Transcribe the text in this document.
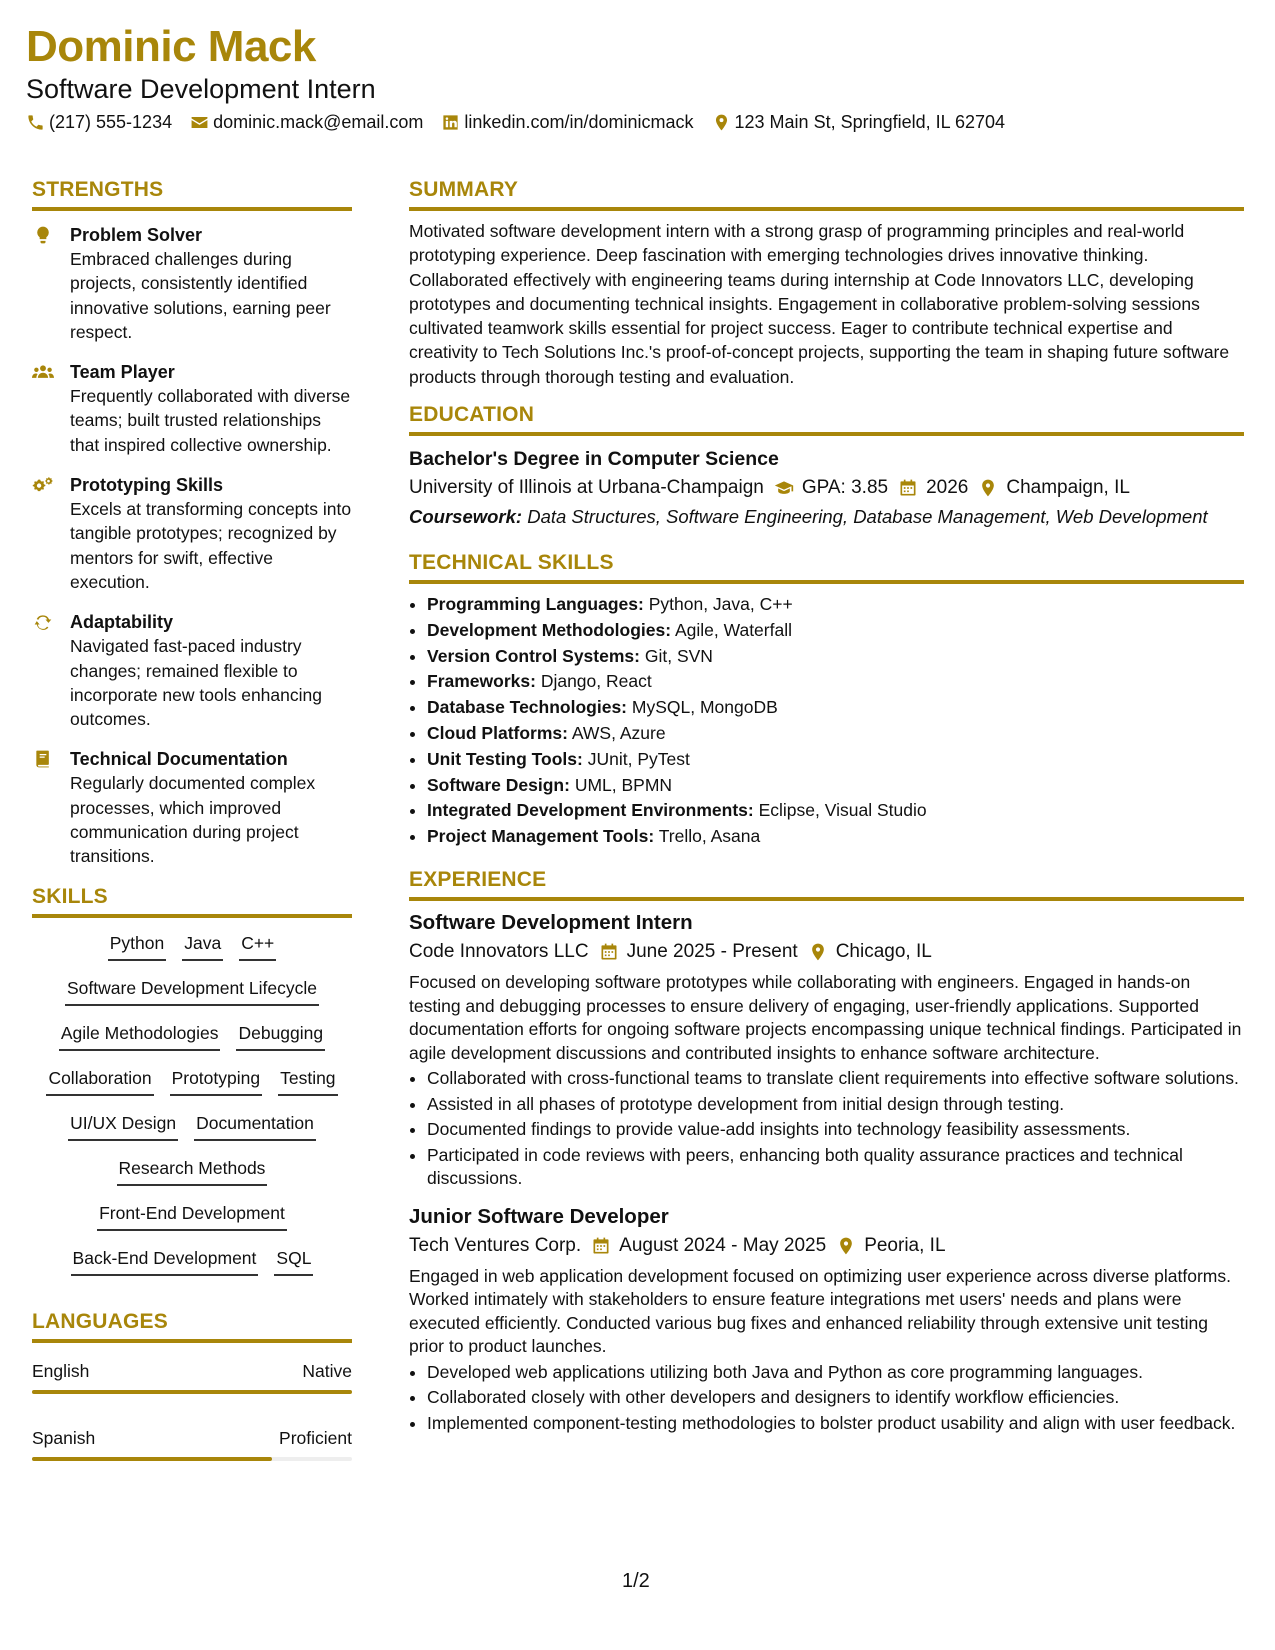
Dominic Mack
Software Development Intern
(217) 555-1234 dominic.mack@email.com linkedin.com/in/dominicmack 123 Main St, Springfield, IL 62704
STRENGTHS
Problem Solver
Embraced challenges during projects, consistently identified innovative solutions, earning peer respect.
Team Player
Frequently collaborated with diverse teams; built trusted relationships that inspired collective ownership.
Prototyping Skills
Excels at transforming concepts into tangible prototypes; recognized by mentors for swift, effective execution.
Adaptability
Navigated fast-paced industry changes; remained flexible to incorporate new tools enhancing outcomes.
Technical Documentation
Regularly documented complex processes, which improved communication during project transitions.
SKILLS
Python Java C++
Software Development Lifecycle
Agile Methodologies Debugging
Collaboration Prototyping Testing
UI/UX Design Documentation
Research Methods
Front-End Development
Back-End Development SQL
LANGUAGES
English	Native
Spanish	Proficient
SUMMARY

Motivated software development intern with a strong grasp of programming principles and real-world prototyping experience. Deep fascination with emerging technologies drives innovative thinking. Collaborated effectively with engineering teams during internship at Code Innovators LLC, developing prototypes and documenting technical insights. Engagement in collaborative problem-solving sessions cultivated teamwork skills essential for project success. Eager to contribute technical expertise and creativity to Tech Solutions Inc.'s proof-of-concept projects, supporting the team in shaping future software products through thorough testing and evaluation.

EDUCATION
Bachelor's Degree in Computer Science
University of Illinois at Urbana-Champaign GPA: 3.85 2026 Champaign, IL
Coursework: Data Structures, Software Engineering, Database Management, Web Development
TECHNICAL SKILLS
• Programming Languages: Python, Java, C++
• Development Methodologies: Agile, Waterfall
• Version Control Systems: Git, SVN
• Frameworks: Django, React
• Database Technologies: MySQL, MongoDB
• Cloud Platforms: AWS, Azure
• Unit Testing Tools: JUnit, PyTest
• Software Design: UML, BPMN
• Integrated Development Environments: Eclipse, Visual Studio
• Project Management Tools: Trello, Asana
EXPERIENCE
Software Development Intern
Code Innovators LLC June 2025 - Present Chicago, IL
Focused on developing software prototypes while collaborating with engineers. Engaged in hands-on testing and debugging processes to ensure delivery of engaging, user-friendly applications. Supported documentation efforts for ongoing software projects encompassing unique technical findings. Participated in agile development discussions and contributed insights to enhance software architecture.
• Collaborated with cross-functional teams to translate client requirements into effective software solutions.
• Assisted in all phases of prototype development from initial design through testing.
• Documented findings to provide value-add insights into technology feasibility assessments.
• Participated in code reviews with peers, enhancing both quality assurance practices and technical discussions.
Junior Software Developer
Tech Ventures Corp. August 2024 - May 2025 Peoria, IL
Engaged in web application development focused on optimizing user experience across diverse platforms. Worked intimately with stakeholders to ensure feature integrations met users' needs and plans were executed efficiently. Conducted various bug fixes and enhanced reliability through extensive unit testing prior to product launches.
• Developed web applications utilizing both Java and Python as core programming languages.
• Collaborated closely with other developers and designers to identify workflow efficiencies.
• Implemented component-testing methodologies to bolster product usability and align with user feedback.
1/2
